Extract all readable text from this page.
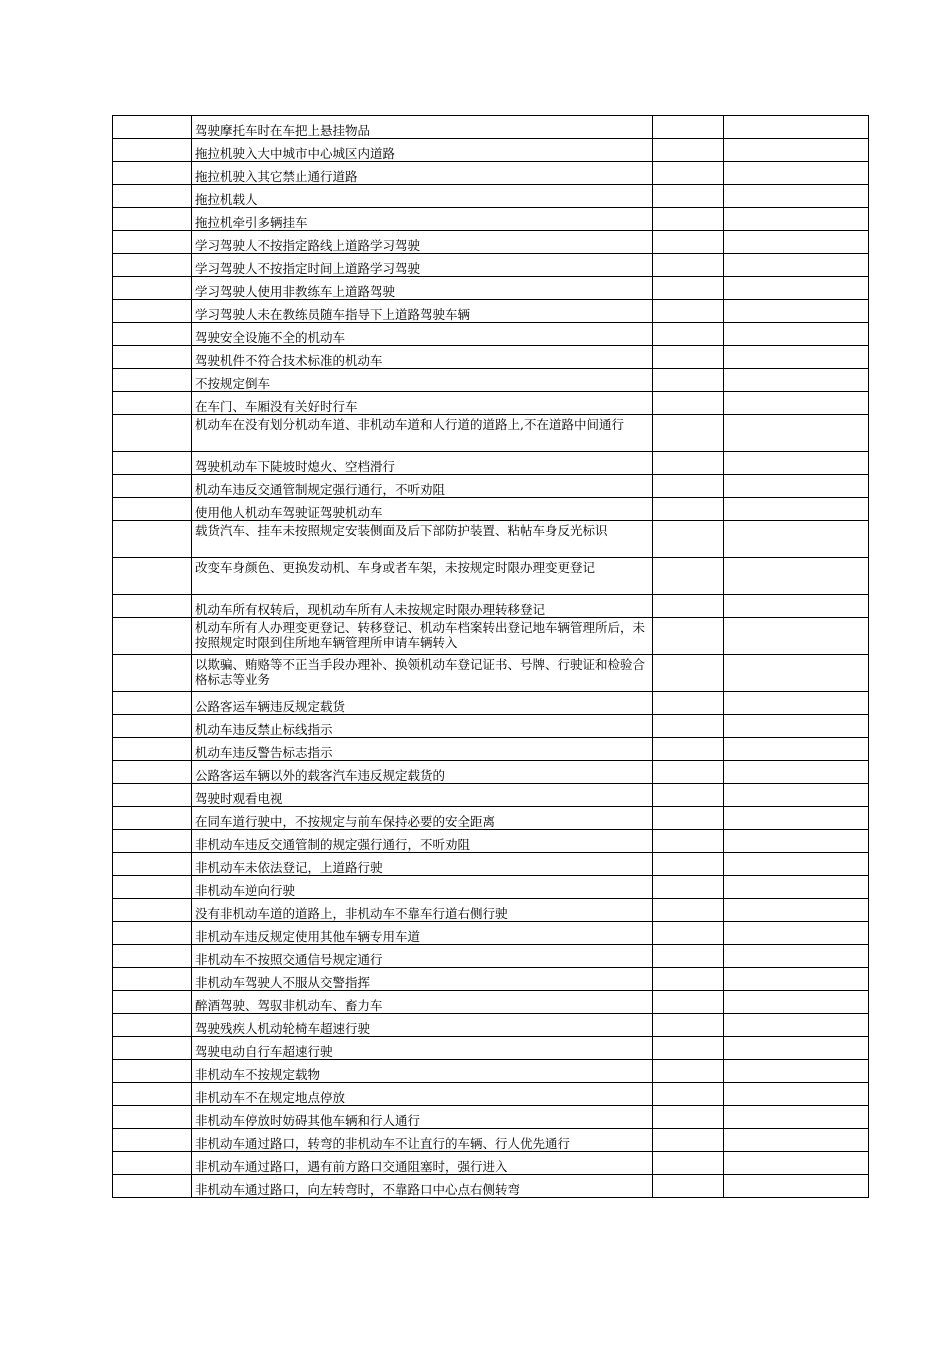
	驾驶摩托车时在车把上悬挂物品		
	拖拉机驶入大中城市中心城区内道路		
	拖拉机驶入其它禁止通行道路		
	拖拉机载人		
	拖拉机牵引多辆挂车		
	学习驾驶人不按指定路线上道路学习驾驶		
	学习驾驶人不按指定时间上道路学习驾驶		
	学习驾驶人使用非教练车上道路驾驶		
	学习驾驶人未在教练员随车指导下上道路驾驶车辆		
	驾驶安全设施不全的机动车		
	驾驶机件不符合技术标准的机动车		
	不按规定倒车		
	在车门、车厢没有关好时行车		
	机动车在没有划分机动车道、非机动车道和人行道的道路上,不在道路中间通行		
	驾驶机动车下陡坡时熄火、空档滑行		
	机动车违反交通管制规定强行通行，不听劝阻		
	使用他人机动车驾驶证驾驶机动车		
	载货汽车、挂车未按照规定安装侧面及后下部防护装置、粘帖车身反光标识		
	改变车身颜色、更换发动机、车身或者车架，未按规定时限办理变更登记		
	机动车所有权转后，现机动车所有人未按规定时限办理转移登记		
	机动车所有人办理变更登记、转移登记、机动车档案转出登记地车辆管理所后，未按照规定时限到住所地车辆管理所申请车辆转入		
	以欺骗、贿赂等不正当手段办理补、换领机动车登记证书、号牌、行驶证和检验合格标志等业务		
	公路客运车辆违反规定载货		
	机动车违反禁止标线指示		
	机动车违反警告标志指示		
	公路客运车辆以外的载客汽车违反规定载货的		
	驾驶时观看电视		
	在同车道行驶中，不按规定与前车保持必要的安全距离		
	非机动车违反交通管制的规定强行通行，不听劝阻		
	非机动车未依法登记，上道路行驶		
	非机动车逆向行驶		
	没有非机动车道的道路上，非机动车不靠车行道右侧行驶		
	非机动车违反规定使用其他车辆专用车道		
	非机动车不按照交通信号规定通行		
	非机动车驾驶人不服从交警指挥		
	醉酒驾驶、驾驭非机动车、畜力车		
	驾驶残疾人机动轮椅车超速行驶		
	驾驶电动自行车超速行驶		
	非机动车不按规定载物		
	非机动车不在规定地点停放		
	非机动车停放时妨碍其他车辆和行人通行		
	非机动车通过路口，转弯的非机动车不让直行的车辆、行人优先通行		
	非机动车通过路口，遇有前方路口交通阻塞时，强行进入		
	非机动车通过路口，向左转弯时，不靠路口中心点右侧转弯		
